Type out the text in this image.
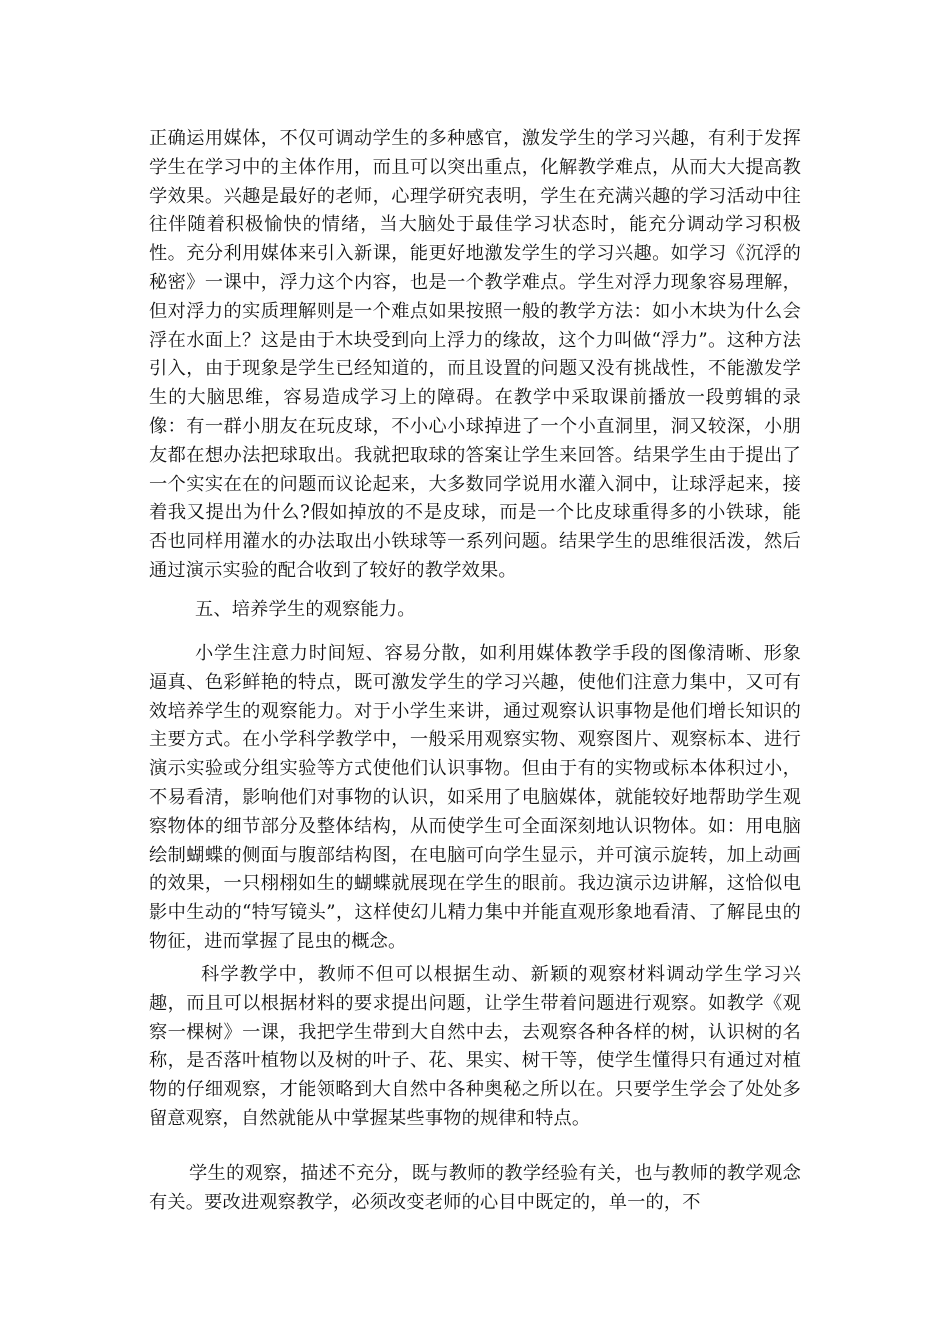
正确运用媒体，不仅可调动学生的多种感官，激发学生的学习兴趣，有利于发挥学生在学习中的主体作用，而且可以突出重点，化解教学难点，从而大大提高教学效果。兴趣是最好的老师，心理学研究表明，学生在充满兴趣的学习活动中往往伴随着积极愉快的情绪，当大脑处于最佳学习状态时，能充分调动学习积极性。充分利用媒体来引入新课，能更好地激发学生的学习兴趣。如学习《沉浮的秘密》一课中，浮力这个内容，也是一个教学难点。学生对浮力现象容易理解，但对浮力的实质理解则是一个难点如果按照一般的教学方法：如小木块为什么会浮在水面上？这是由于木块受到向上浮力的缘故，这个力叫做“浮力”。这种方法引入，由于现象是学生已经知道的，而且设置的问题又没有挑战性，不能激发学生的大脑思维，容易造成学习上的障碍。在教学中采取课前播放一段剪辑的录像：有一群小朋友在玩皮球，不小心小球掉进了一个小直洞里，洞又较深，小朋友都在想办法把球取出。我就把取球的答案让学生来回答。结果学生由于提出了一个实实在在的问题而议论起来，大多数同学说用水灌入洞中，让球浮起来，接着我又提出为什么?假如掉放的不是皮球，而是一个比皮球重得多的小铁球，能否也同样用灌水的办法取出小铁球等一系列问题。结果学生的思维很活泼，然后通过演示实验的配合收到了较好的教学效果。

五、培养学生的观察能力。

小学生注意力时间短、容易分散，如利用媒体教学手段的图像清晰、形象逼真、色彩鲜艳的特点，既可激发学生的学习兴趣，使他们注意力集中，又可有效培养学生的观察能力。对于小学生来讲，通过观察认识事物是他们增长知识的主要方式。在小学科学教学中，一般采用观察实物、观察图片、观察标本、进行演示实验或分组实验等方式使他们认识事物。但由于有的实物或标本体积过小，不易看清，影响他们对事物的认识，如采用了电脑媒体，就能较好地帮助学生观察物体的细节部分及整体结构，从而使学生可全面深刻地认识物体。如：用电脑绘制蝴蝶的侧面与腹部结构图，在电脑可向学生显示，并可演示旋转，加上动画的效果，一只栩栩如生的蝴蝶就展现在学生的眼前。我边演示边讲解，这恰似电影中生动的“特写镜头”，这样使幻儿精力集中并能直观形象地看清、了解昆虫的物征，进而掌握了昆虫的概念。

科学教学中，教师不但可以根据生动、新颖的观察材料调动学生学习兴趣，而且可以根据材料的要求提出问题，让学生带着问题进行观察。如教学《观察一棵树》一课，我把学生带到大自然中去，去观察各种各样的树，认识树的名称，是否落叶植物以及树的叶子、花、果实、树干等，使学生懂得只有通过对植物的仔细观察，才能领略到大自然中各种奥秘之所以在。只要学生学会了处处多留意观察，自然就能从中掌握某些事物的规律和特点。

学生的观察，描述不充分，既与教师的教学经验有关，也与教师的教学观念有关。要改进观察教学，必须改变老师的心目中既定的，单一的，不
